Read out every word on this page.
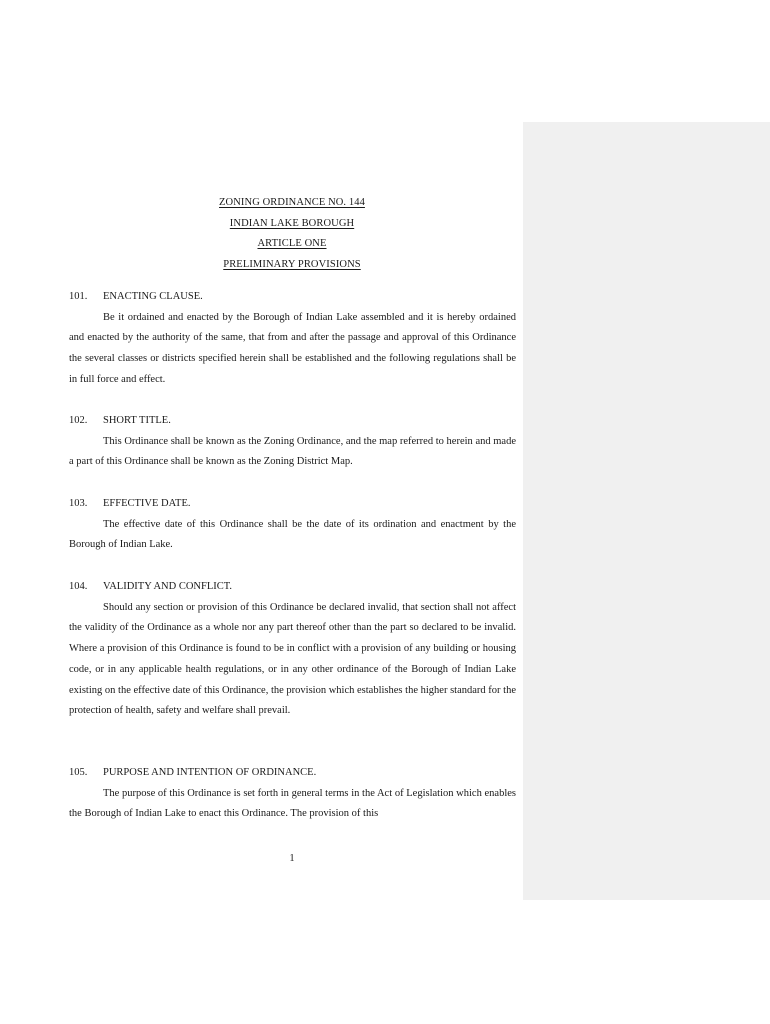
ZONING ORDINANCE NO. 144
INDIAN LAKE BOROUGH
ARTICLE ONE
PRELIMINARY PROVISIONS
101. ENACTING CLAUSE.

Be it ordained and enacted by the Borough of Indian Lake assembled and it is hereby ordained and enacted by the authority of the same, that from and after the passage and approval of this Ordinance the several classes or districts specified herein shall be established and the following regulations shall be in full force and effect.

102. SHORT TITLE.

This Ordinance shall be known as the Zoning Ordinance, and the map referred to herein and made a part of this Ordinance shall be known as the Zoning District Map.

103. EFFECTIVE DATE.

The effective date of this Ordinance shall be the date of its ordination and enactment by the Borough of Indian Lake.

104. VALIDITY AND CONFLICT.

Should any section or provision of this Ordinance be declared invalid, that section shall not affect the validity of the Ordinance as a whole nor any part thereof other than the part so declared to be invalid. Where a provision of this Ordinance is found to be in conflict with a provision of any building or housing code, or in any applicable health regulations, or in any other ordinance of the Borough of Indian Lake existing on the effective date of this Ordinance, the provision which establishes the higher standard for the protection of health, safety and welfare shall prevail.

105. PURPOSE AND INTENTION OF ORDINANCE.

The purpose of this Ordinance is set forth in general terms in the Act of Legislation which enables the Borough of Indian Lake to enact this Ordinance. The provision of this

1
